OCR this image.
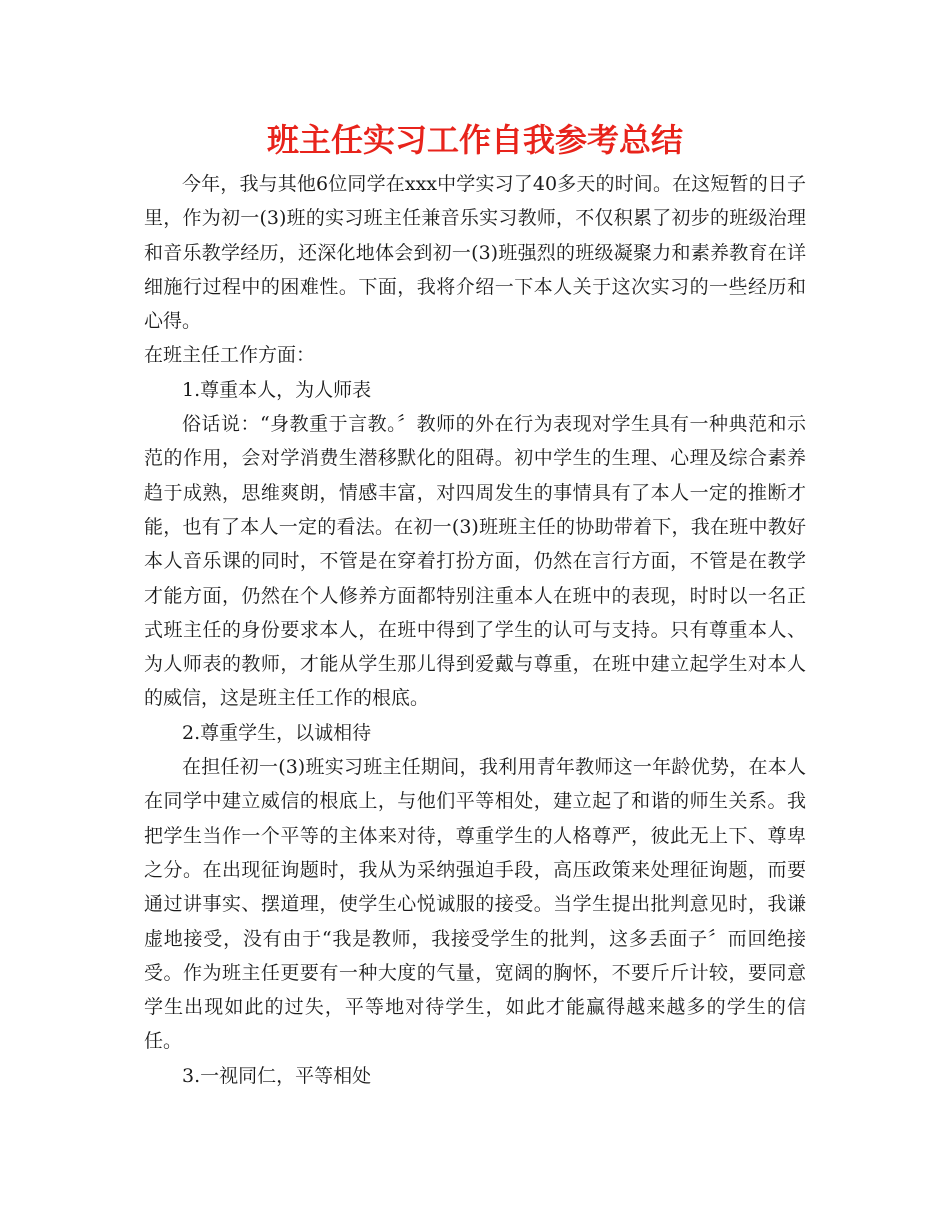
班主任实习工作自我参考总结

今年，我与其他6位同学在xxx中学实习了40多天的时间。在这短暂的日子里，作为初一(3)班的实习班主任兼音乐实习教师，不仅积累了初步的班级治理和音乐教学经历，还深化地体会到初一(3)班强烈的班级凝聚力和素养教育在详细施行过程中的困难性。下面，我将介绍一下本人关于这次实习的一些经历和心得。

在班主任工作方面：

1.尊重本人，为人师表

俗话说：“身教重于言教。〞教师的外在行为表现对学生具有一种典范和示范的作用，会对学消费生潜移默化的阻碍。初中学生的生理、心理及综合素养趋于成熟，思维爽朗，情感丰富，对四周发生的事情具有了本人一定的推断才能，也有了本人一定的看法。在初一(3)班班主任的协助带着下，我在班中教好本人音乐课的同时，不管是在穿着打扮方面，仍然在言行方面，不管是在教学才能方面，仍然在个人修养方面都特别注重本人在班中的表现，时时以一名正式班主任的身份要求本人，在班中得到了学生的认可与支持。只有尊重本人、为人师表的教师，才能从学生那儿得到爱戴与尊重，在班中建立起学生对本人的威信，这是班主任工作的根底。

2.尊重学生，以诚相待

在担任初一(3)班实习班主任期间，我利用青年教师这一年龄优势，在本人在同学中建立威信的根底上，与他们平等相处，建立起了和谐的师生关系。我把学生当作一个平等的主体来对待，尊重学生的人格尊严，彼此无上下、尊卑之分。在出现征询题时，我从为采纳强迫手段，高压政策来处理征询题，而要通过讲事实、摆道理，使学生心悦诚服的接受。当学生提出批判意见时，我谦虚地接受，没有由于“我是教师，我接受学生的批判，这多丢面子〞而回绝接受。作为班主任更要有一种大度的气量，宽阔的胸怀，不要斤斤计较，要同意学生出现如此的过失，平等地对待学生，如此才能赢得越来越多的学生的信任。

3.一视同仁，平等相处
